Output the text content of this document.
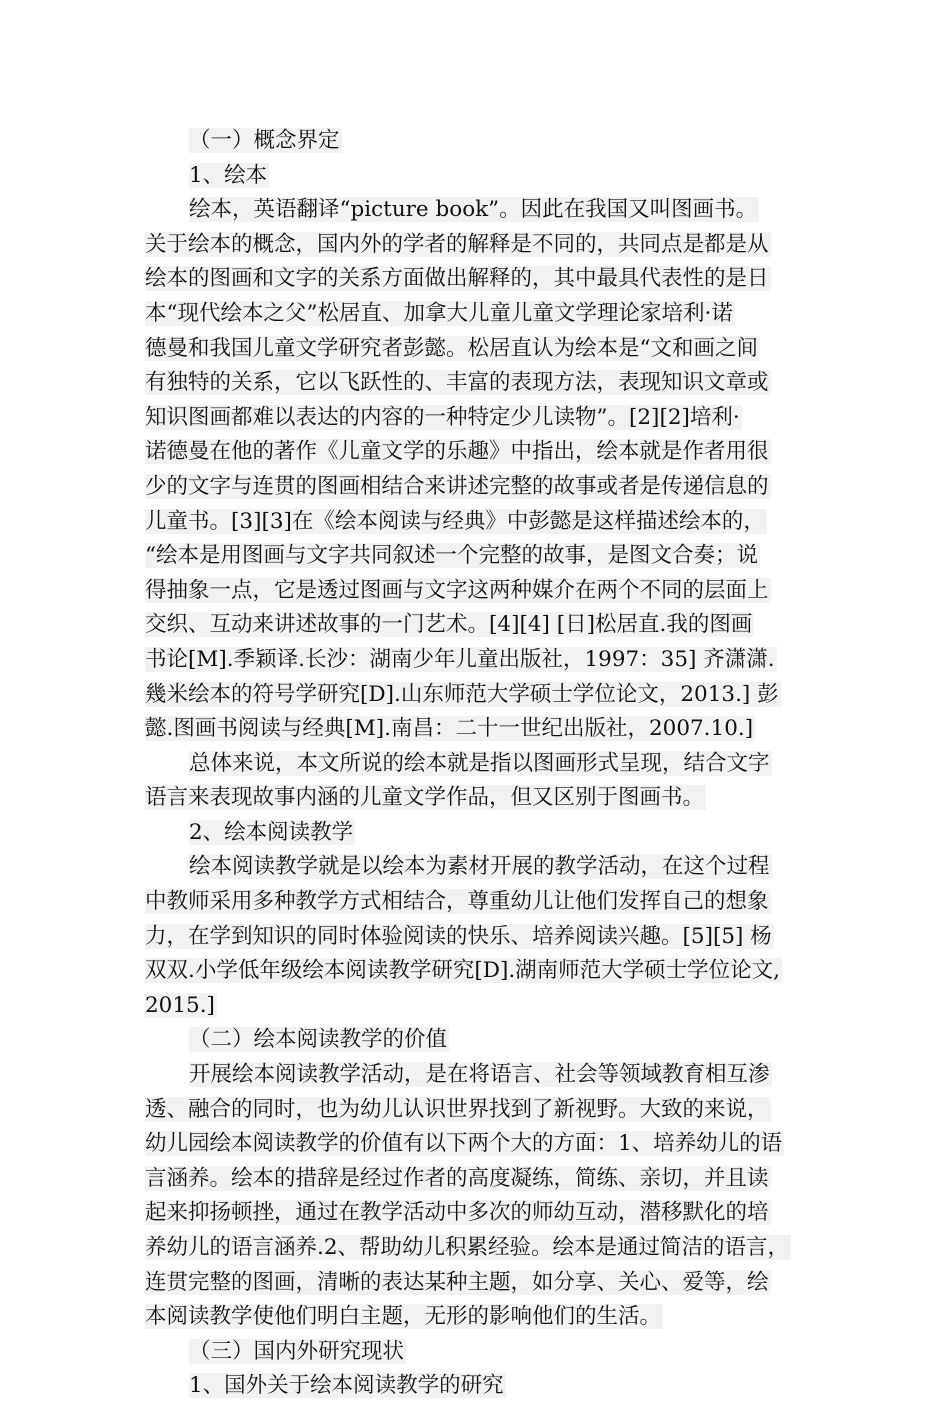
（一）概念界定
1、绘本
绘本，英语翻译“picture book”。因此在我国又叫图画书。
关于绘本的概念，国内外的学者的解释是不同的，共同点是都是从
绘本的图画和文字的关系方面做出解释的，其中最具代表性的是日
本“现代绘本之父”松居直、加拿大儿童儿童文学理论家培利·诺
德曼和我国儿童文学研究者彭懿。松居直认为绘本是“文和画之间
有独特的关系，它以飞跃性的、丰富的表现方法，表现知识文章或
知识图画都难以表达的内容的一种特定少儿读物”。[2][2]培利·
诺德曼在他的著作《儿童文学的乐趣》中指出，绘本就是作者用很
少的文字与连贯的图画相结合来讲述完整的故事或者是传递信息的
儿童书。[3][3]在《绘本阅读与经典》中彭懿是这样描述绘本的，
“绘本是用图画与文字共同叙述一个完整的故事，是图文合奏；说
得抽象一点，它是透过图画与文字这两种媒介在两个不同的层面上
交织、互动来讲述故事的一门艺术。[4][4] [日]松居直.我的图画
书论[M].季颖译.长沙：湖南少年儿童出版社，1997：35] 齐潇潇.
幾米绘本的符号学研究[D].山东师范大学硕士学位论文，2013.] 彭
懿.图画书阅读与经典[M].南昌：二十一世纪出版社，2007.10.]
总体来说，本文所说的绘本就是指以图画形式呈现，结合文字
语言来表现故事内涵的儿童文学作品，但又区别于图画书。
2、绘本阅读教学
绘本阅读教学就是以绘本为素材开展的教学活动，在这个过程
中教师采用多种教学方式相结合，尊重幼儿让他们发挥自己的想象
力，在学到知识的同时体验阅读的快乐、培养阅读兴趣。[5][5] 杨
双双.小学低年级绘本阅读教学研究[D].湖南师范大学硕士学位论文,
2015.]
（二）绘本阅读教学的价值
开展绘本阅读教学活动，是在将语言、社会等领域教育相互渗
透、融合的同时，也为幼儿认识世界找到了新视野。大致的来说，
幼儿园绘本阅读教学的价值有以下两个大的方面：1、培养幼儿的语
言涵养。绘本的措辞是经过作者的高度凝练，简练、亲切，并且读
起来抑扬顿挫，通过在教学活动中多次的师幼互动，潜移默化的培
养幼儿的语言涵养.2、帮助幼儿积累经验。绘本是通过简洁的语言，
连贯完整的图画，清晰的表达某种主题，如分享、关心、爱等，绘
本阅读教学使他们明白主题，无形的影响他们的生活。
（三）国内外研究现状
1、国外关于绘本阅读教学的研究
